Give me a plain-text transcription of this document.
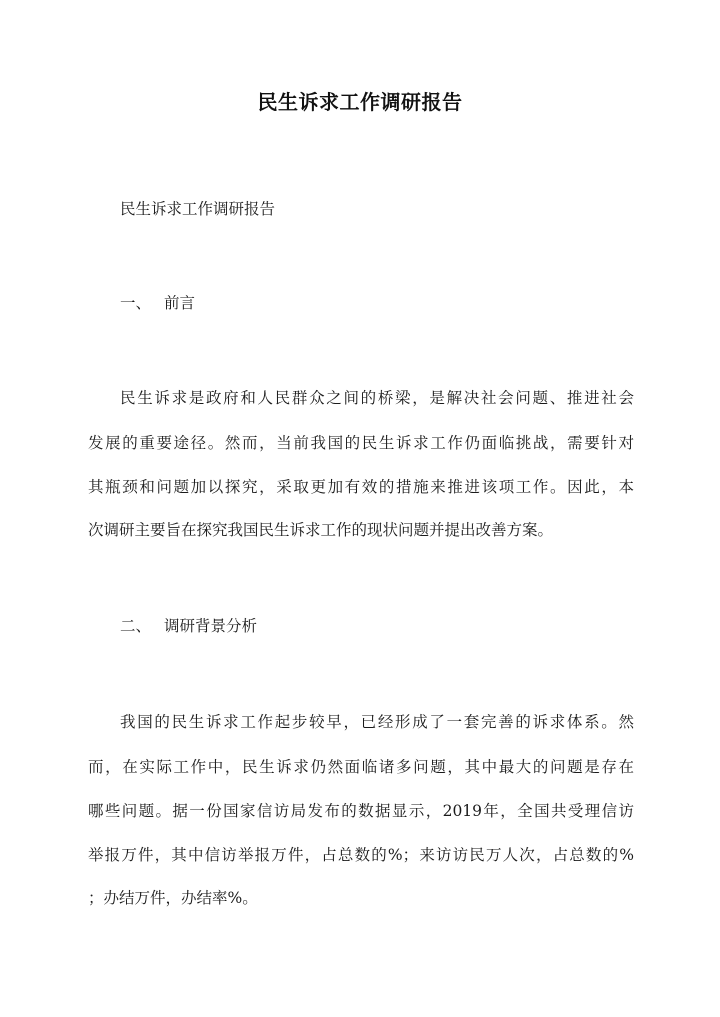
民生诉求工作调研报告
民生诉求工作调研报告
一、 前言
民生诉求是政府和人民群众之间的桥梁，是解决社会问题、推进社会
发展的重要途径。然而，当前我国的民生诉求工作仍面临挑战，需要针对
其瓶颈和问题加以探究，采取更加有效的措施来推进该项工作。因此，本
次调研主要旨在探究我国民生诉求工作的现状问题并提出改善方案。
二、 调研背景分析
我国的民生诉求工作起步较早，已经形成了一套完善的诉求体系。然
而，在实际工作中，民生诉求仍然面临诸多问题，其中最大的问题是存在
哪些问题。据一份国家信访局发布的数据显示，2019年，全国共受理信访
举报万件，其中信访举报万件，占总数的%；来访访民万人次，占总数的%
；办结万件，办结率%。
